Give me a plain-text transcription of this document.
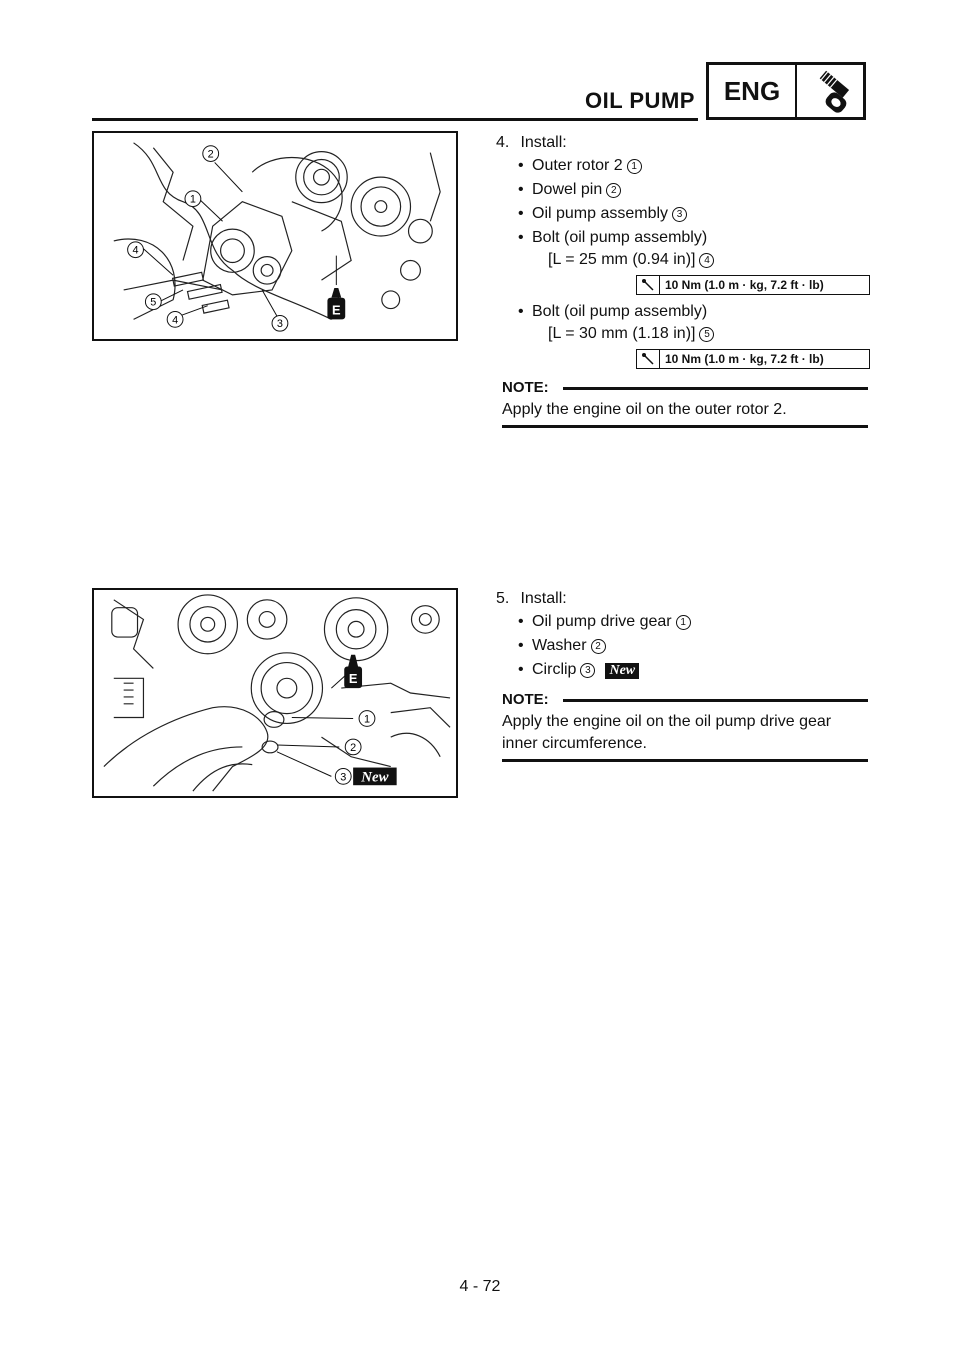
OIL PUMP	ENG
2
1
4
5
4	3
E
1
2
3 New
E
4. Install:
• Outer rotor 2 1
• Dowel pin 2
• Oil pump assembly 3
• Bolt (oil pump assembly)
[L = 25 mm (0.94 in)] 4
10 Nm (1.0 m · kg, 7.2 ft · lb)
• Bolt (oil pump assembly)
[L = 30 mm (1.18 in)] 5
10 Nm (1.0 m · kg, 7.2 ft · lb)
NOTE:
Apply the engine oil on the outer rotor 2.
5. Install:
• Oil pump drive gear 1
• Washer 2
• Circlip 3 New
NOTE:
Apply the engine oil on the oil pump drive gear inner circumference.
4 - 72
